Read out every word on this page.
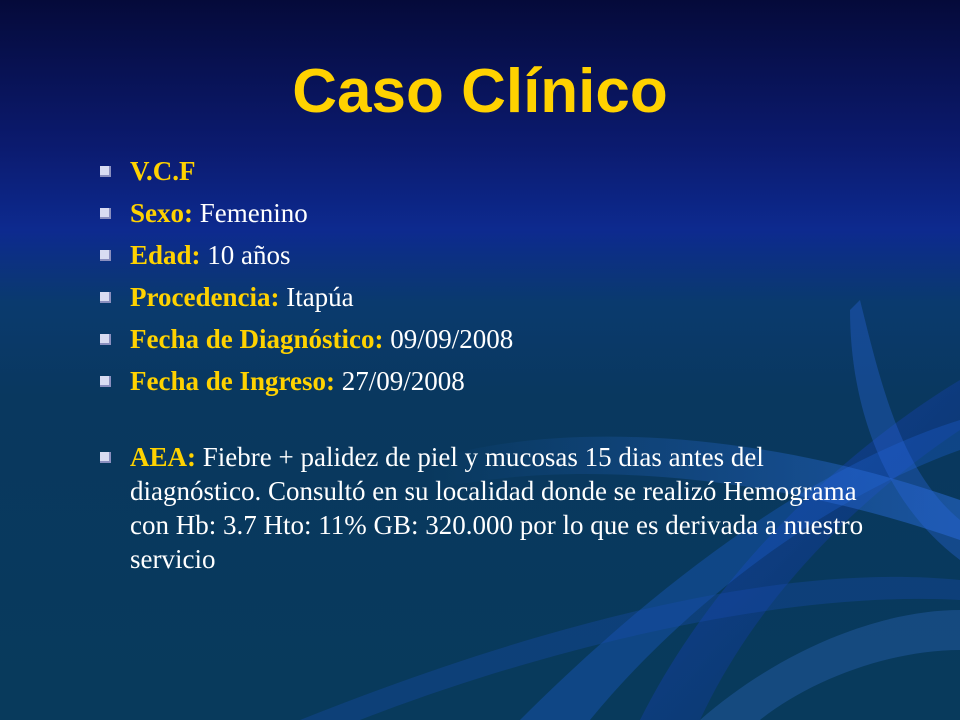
Caso Clínico
V.C.F
Sexo: Femenino
Edad: 10 años
Procedencia: Itapúa
Fecha de Diagnóstico: 09/09/2008
Fecha de Ingreso: 27/09/2008
AEA: Fiebre + palidez de piel y mucosas 15 dias antes del diagnóstico. Consultó en su localidad donde se realizó Hemograma con Hb: 3.7 Hto: 11% GB: 320.000 por lo que es derivada a nuestro servicio
